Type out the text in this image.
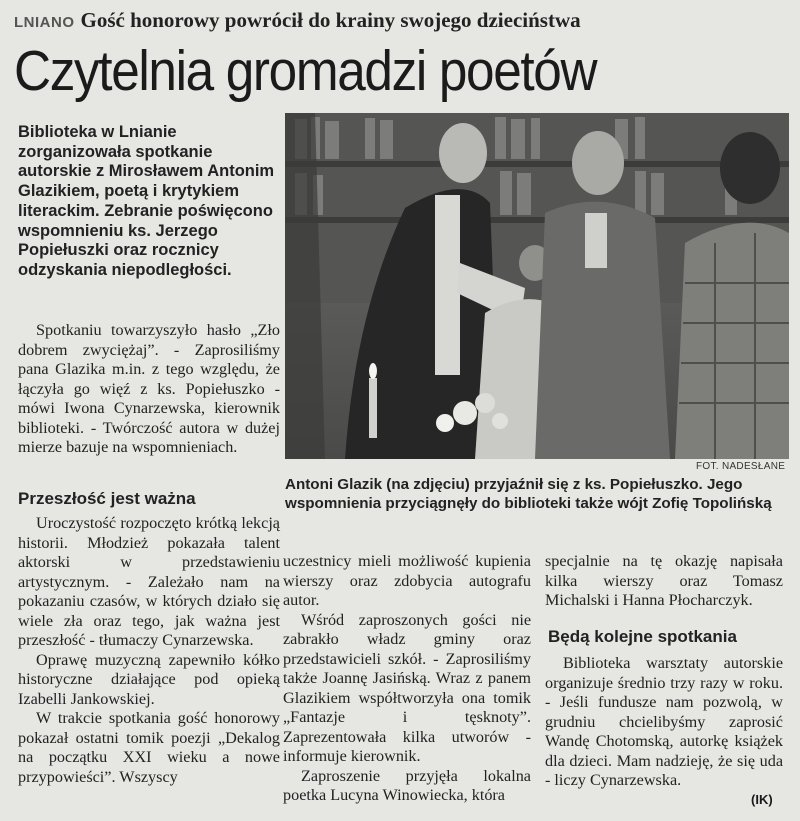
LNIANO Gość honorowy powrócił do krainy swojego dzieciństwa
Czytelnia gromadzi poetów
Biblioteka w Lnianie zorganizowała spotkanie autorskie z Mirosławem Antonim Glazikiem, poetą i krytykiem literackim. Zebranie poświęcono wspomnieniu ks. Jerzego Popiełuszki oraz rocznicy odzyskania niepodległości.
FOT. NADESŁANE
Antoni Glazik (na zdjęciu) przyjaźnił się z ks. Popiełuszko. Jego wspomnienia przyciągnęły do biblioteki także wójt Zofię Topolińską

Spotkaniu towarzyszyło hasło „Zło dobrem zwyciężaj”. - Zaprosiliśmy pana Glazika m.in. z tego względu, że łączyła go więź z ks. Popiełuszko - mówi Iwona Cynarzewska, kierownik biblioteki. - Twórczość autora w dużej mierze bazuje na wspomnieniach.

Przeszłość jest ważna

Uroczystość rozpoczęto krótką lekcją historii. Młodzież pokazała talent aktorski w przedstawieniu artystycznym. - Zależało nam na pokazaniu czasów, w których działo się wiele zła oraz tego, jak ważna jest przeszłość - tłumaczy Cynarzewska.

Oprawę muzyczną zapewniło kółko historyczne działające pod opieką Izabelli Jankowskiej.

W trakcie spotkania gość honorowy pokazał ostatni tomik poezji „Dekalog na początku XXI wieku a nowe przypowieści”. Wszyscy

uczestnicy mieli możliwość kupienia wierszy oraz zdobycia autografu autor.

Wśród zaproszonych gości nie zabrakło władz gminy oraz przedstawicieli szkół. - Zaprosiliśmy także Joannę Jasińską. Wraz z panem Glazikiem współtworzyła ona tomik „Fantazje i tęsknoty”. Zaprezentowała kilka utworów - informuje kierownik.

Zaproszenie przyjęła lokalna poetka Lucyna Winowiecka, która

specjalnie na tę okazję napisała kilka wierszy oraz Tomasz Michalski i Hanna Płocharczyk.

Będą kolejne spotkania

Biblioteka warsztaty autorskie organizuje średnio trzy razy w roku. - Jeśli fundusze nam pozwolą, w grudniu chcielibyśmy zaprosić Wandę Chotomską, autorkę książek dla dzieci. Mam nadzieję, że się uda - liczy Cynarzewska.

(IK)
